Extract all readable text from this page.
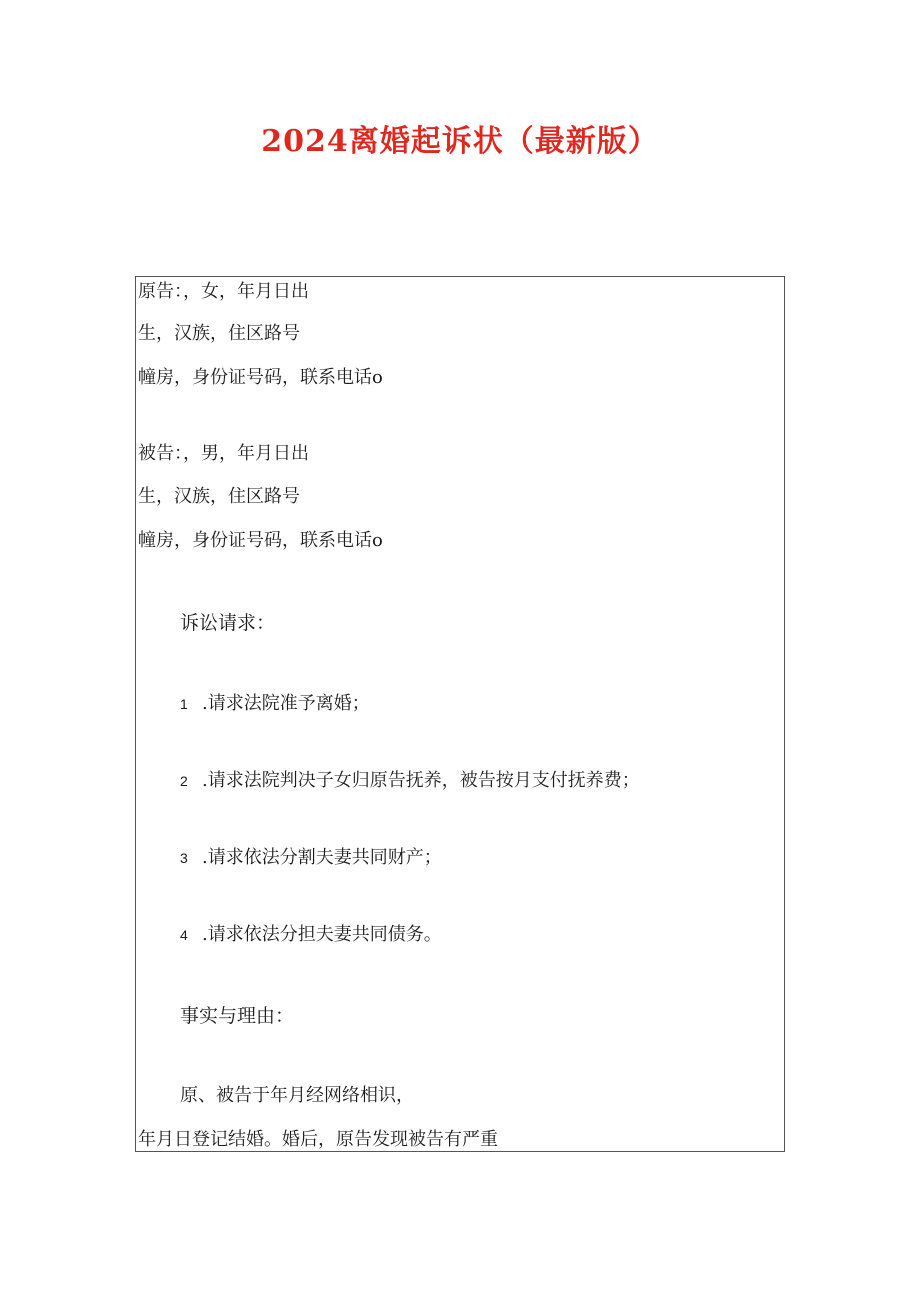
2024离婚起诉状（最新版）
原告：，女，年月日出
生，汉族，住区路号
幢房，身份证号码，联系电话o
被告：，男，年月日出
生，汉族，住区路号
幢房，身份证号码，联系电话o
诉讼请求：
1 .请求法院准予离婚；
2 .请求法院判决子女归原告抚养，被告按月支付抚养费；
3 .请求依法分割夫妻共同财产；
4 .请求依法分担夫妻共同债务。
事实与理由：
原、被告于年月经网络相识，
年月日登记结婚。婚后，原告发现被告有严重
